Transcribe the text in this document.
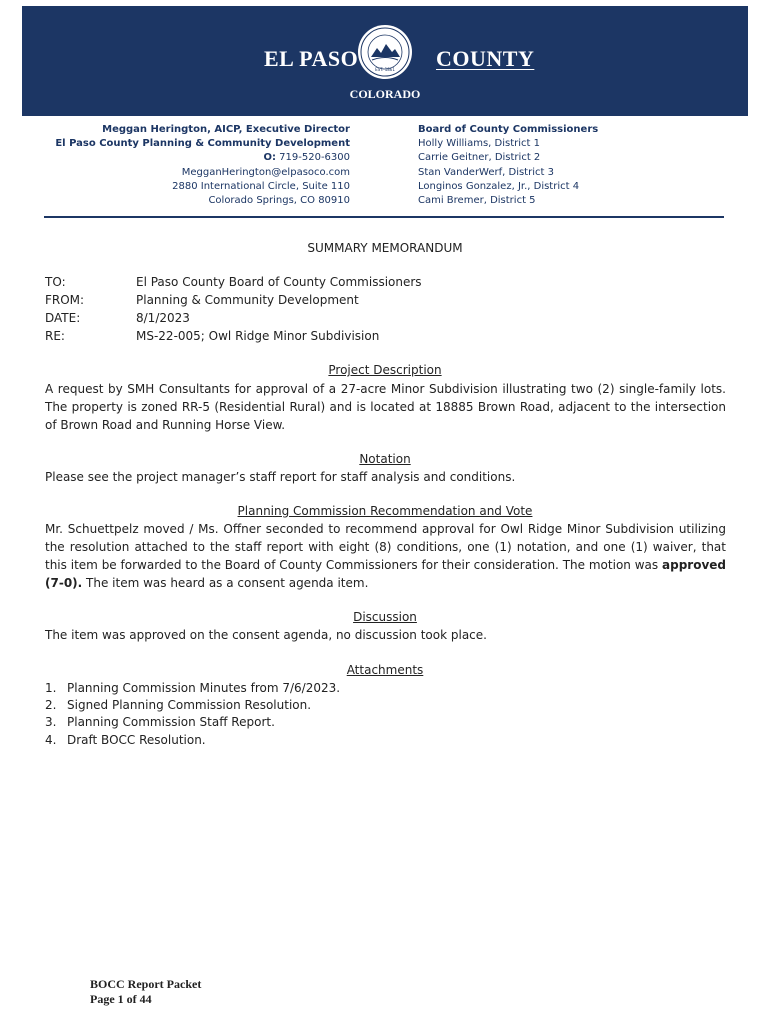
EL PASO	EST. 1861 COUNTY
COLORADO
Meggan Herington, AICP, Executive Director
El Paso County Planning & Community Development
O: 719-520-6300
MegganHerington@elpasoco.com
2880 International Circle, Suite 110
Colorado Springs, CO 80910
Board of County Commissioners
Holly Williams, District 1
Carrie Geitner, District 2
Stan VanderWerf, District 3
Longinos Gonzalez, Jr., District 4
Cami Bremer, District 5
SUMMARY MEMORANDUM
TO:	El Paso County Board of County Commissioners
FROM:	Planning & Community Development
DATE:	8/1/2023
RE:	MS-22-005; Owl Ridge Minor Subdivision
Project Description
A request by SMH Consultants for approval of a 27-acre Minor Subdivision illustrating two (2) single-family lots. The property is zoned RR-5 (Residential Rural) and is located at 18885 Brown Road, adjacent to the intersection of Brown Road and Running Horse View.
Notation
Please see the project manager’s staff report for staff analysis and conditions.
Planning Commission Recommendation and Vote
Mr. Schuettpelz moved / Ms. Offner seconded to recommend approval for Owl Ridge Minor Subdivision utilizing the resolution attached to the staff report with eight (8) conditions, one (1) notation, and one (1) waiver, that this item be forwarded to the Board of County Commissioners for their consideration. The motion was approved (7-0). The item was heard as a consent agenda item.
Discussion
The item was approved on the consent agenda, no discussion took place.
Attachments
1. Planning Commission Minutes from 7/6/2023.
2. Signed Planning Commission Resolution.
3. Planning Commission Staff Report.
4. Draft BOCC Resolution.
BOCC Report Packet
Page 1 of 44
